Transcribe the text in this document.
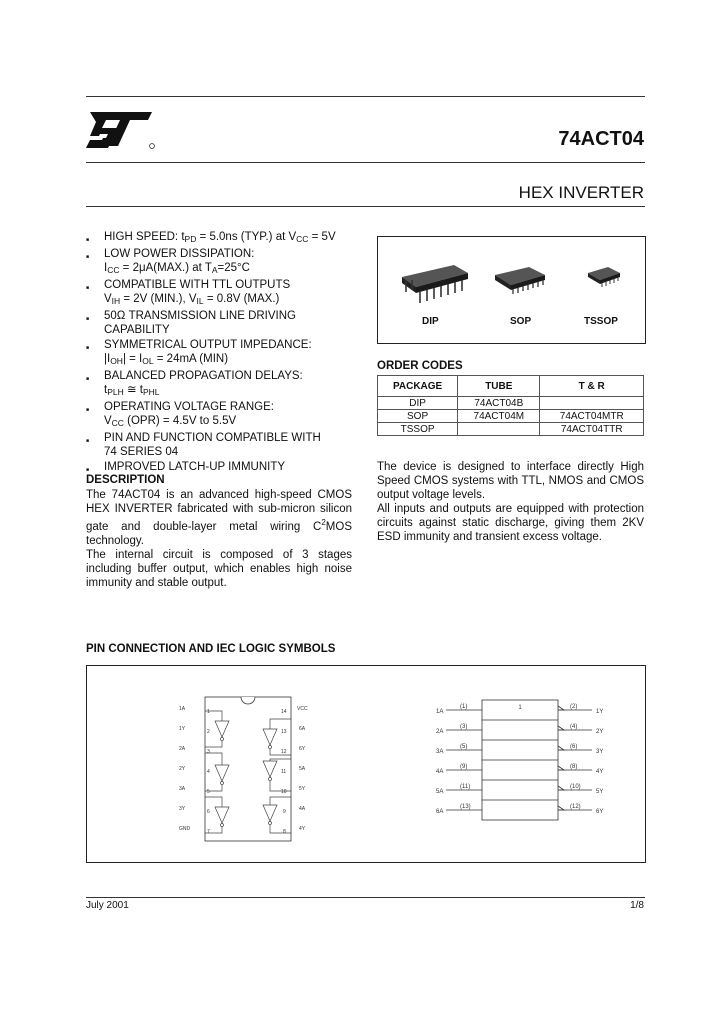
74ACT04
HEX INVERTER
■ HIGH SPEED: $t_{PD} = 5.0ns$ (TYP.) at $V_{CC} = 5V$
■ LOW POWER DISSIPATION:
$I_{CC} = 2\mu A(MAX.)$ at $T_A=25^\circ C$
■ COMPATIBLE WITH TTL OUTPUTS
$V_{IH} = 2V$ (MIN.), $V_{IL} = 0.8V$ (MAX.)
■ 50Ω TRANSMISSION LINE DRIVING
CAPABILITY
■ SYMMETRICAL OUTPUT IMPEDANCE:
$|I_{OH}| = I_{OL} = 24mA$ (MIN)
■ BALANCED PROPAGATION DELAYS:
$t_{PLH}$ ≅ $t_{PHL}$
■ OPERATING VOLTAGE RANGE:
$V_{CC}$ (OPR) = 4.5V to 5.5V
■ PIN AND FUNCTION COMPATIBLE WITH
74 SERIES 04
■ IMPROVED LATCH-UP IMMUNITY
DESCRIPTION
The 74ACT04 is an advanced high-speed CMOS HEX INVERTER fabricated with sub-micron silicon gate and double-layer metal wiring $C^2MOS$ technology.
The internal circuit is composed of 3 stages including buffer output, which enables high noise immunity and stable output.
DIP	SOP	TSSOP
ORDER CODES
PACKAGE	TUBE	T & R
DIP	74ACT04B	
SOP	74ACT04M	74ACT04MTR
TSSOP		74ACT04TTR
The device is designed to interface directly High Speed CMOS systems with TTL, NMOS and CMOS output voltage levels.
All inputs and outputs are equipped with protection circuits against static discharge, giving them 2KV ESD immunity and transient excess voltage.
PIN CONNECTION AND IEC LOGIC SYMBOLS
1
2
3
4
5
6
7
14
13
12
11
10
9
8
1A
1Y
2A
2Y
3A
3Y
GND
VCC
6A
6Y
5A
5Y
4A
4Y
1
1A
2A
3A
4A
5A
6A
(1)
(3)
(5)
(9)
(11)
(13)
(2)
(4)
(6)
(8)
(10)
(12)
1Y
2Y
3Y
4Y
5Y
6Y
July 2001	1/8
